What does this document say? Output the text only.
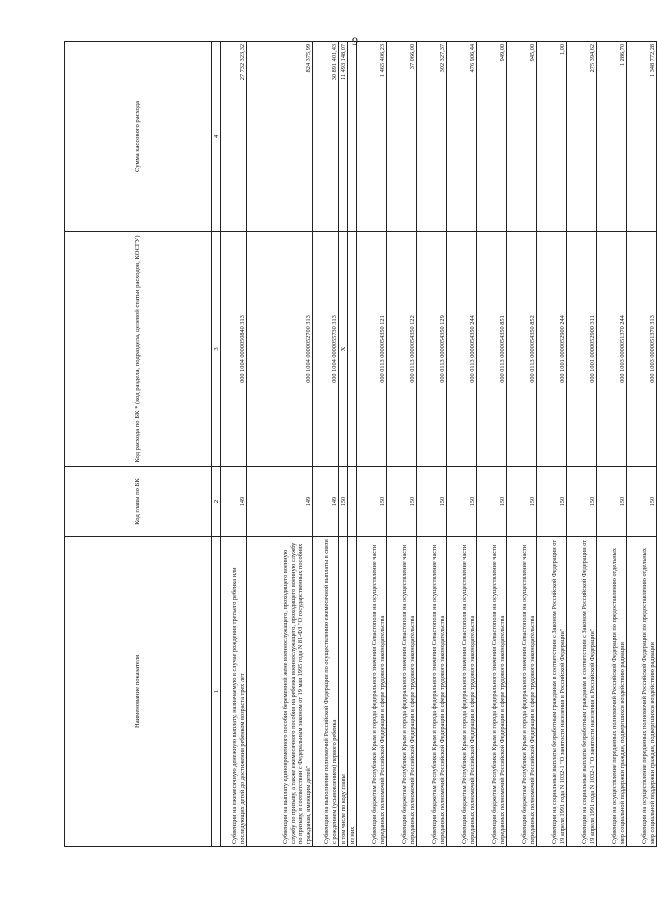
9
Наименование показателя	Код главы по БК	Код расхода по БК * (код раздела, подраздела, целевой статьи расходов, КОСГУ)	Сумма кассового расхода
1	2	3	4
Субвенции на ежемесячную денежную выплату, назначаемую в случае рождения третьего ребенка или последующих детей до достижения ребенком возраста трех лет	149	000 1004 0000050840 313	27 732 323,32
Субвенции на выплату единовременного пособия беременной жене военнослужащего, проходящего военную службу по призыву, а также ежемесячного пособия на ребенка военнослужащего, проходящего военную службу по призыву, в соответствии с Федеральным законом от 19 мая 1995 года N 81-ФЗ "О государственных пособиях гражданам, имеющим детей"	149	000 1004 0000052700 313	824 375,99
Субвенции на выполнение полномочий Российской Федерации по осуществлению ежемесячной выплаты в связи с рождением (усыновлением) первого ребенка	149	000 1004 0000055730 313	30 891 401,43
в том числе по коду главы	150	X	11 493 148,07
из них			
Субвенции бюджетам Республики Крым и города федерального значения Севастополя на осуществление части переданных полномочий Российской Федерации в сфере трудового законодательства	150	000 0113 0000054350 121	1 465 406,23
Субвенции бюджетам Республики Крым и города федерального значения Севастополя на осуществление части переданных полномочий Российской Федерации в сфере трудового законодательства	150	000 0113 0000054350 122	37 066,00
Субвенции бюджетам Республики Крым и города федерального значения Севастополя на осуществление части переданных полномочий Российской Федерации в сфере трудового законодательства	150	000 0113 0000054350 129	302 327,37
Субвенции бюджетам Республики Крым и города федерального значения Севастополя на осуществление части переданных полномочий Российской Федерации в сфере трудового законодательства	150	000 0113 0000054350 244	476 906,44
Субвенции бюджетам Республики Крым и города федерального значения Севастополя на осуществление части переданных полномочий Российской Федерации в сфере трудового законодательства	150	000 0113 0000054350 851	949,00
Субвенции бюджетам Республики Крым и города федерального значения Севастополя на осуществление части переданных полномочий Российской Федерации в сфере трудового законодательства	150	000 0113 0000054350 852	945,00
Субвенции на социальные выплаты безработным гражданам в соответствии с Законом Российской Федерации от 19 апреля 1991 года N 1032-1 "О занятости населения в Российской Федерации"	150	000 1001 0000052900 244	1,00
Субвенции на социальные выплаты безработным гражданам в соответствии с Законом Российской Федерации от 19 апреля 1991 года N 1032-1 "О занятости населения в Российской Федерации"	150	000 1001 0000052900 311	275 394,62
Субвенции на осуществление переданных полномочий Российской Федерации по предоставлению отдельных мер социальной поддержки граждан, подвергшихся воздействию радиации	150	000 1003 0000051370 244	1 286,70
Субвенции на осуществление переданных полномочий Российской Федерации по предоставлению отдельных мер социальной поддержки граждан, подвергшихся воздействию радиации	150	000 1003 0000051370 313	1 348 772,28
